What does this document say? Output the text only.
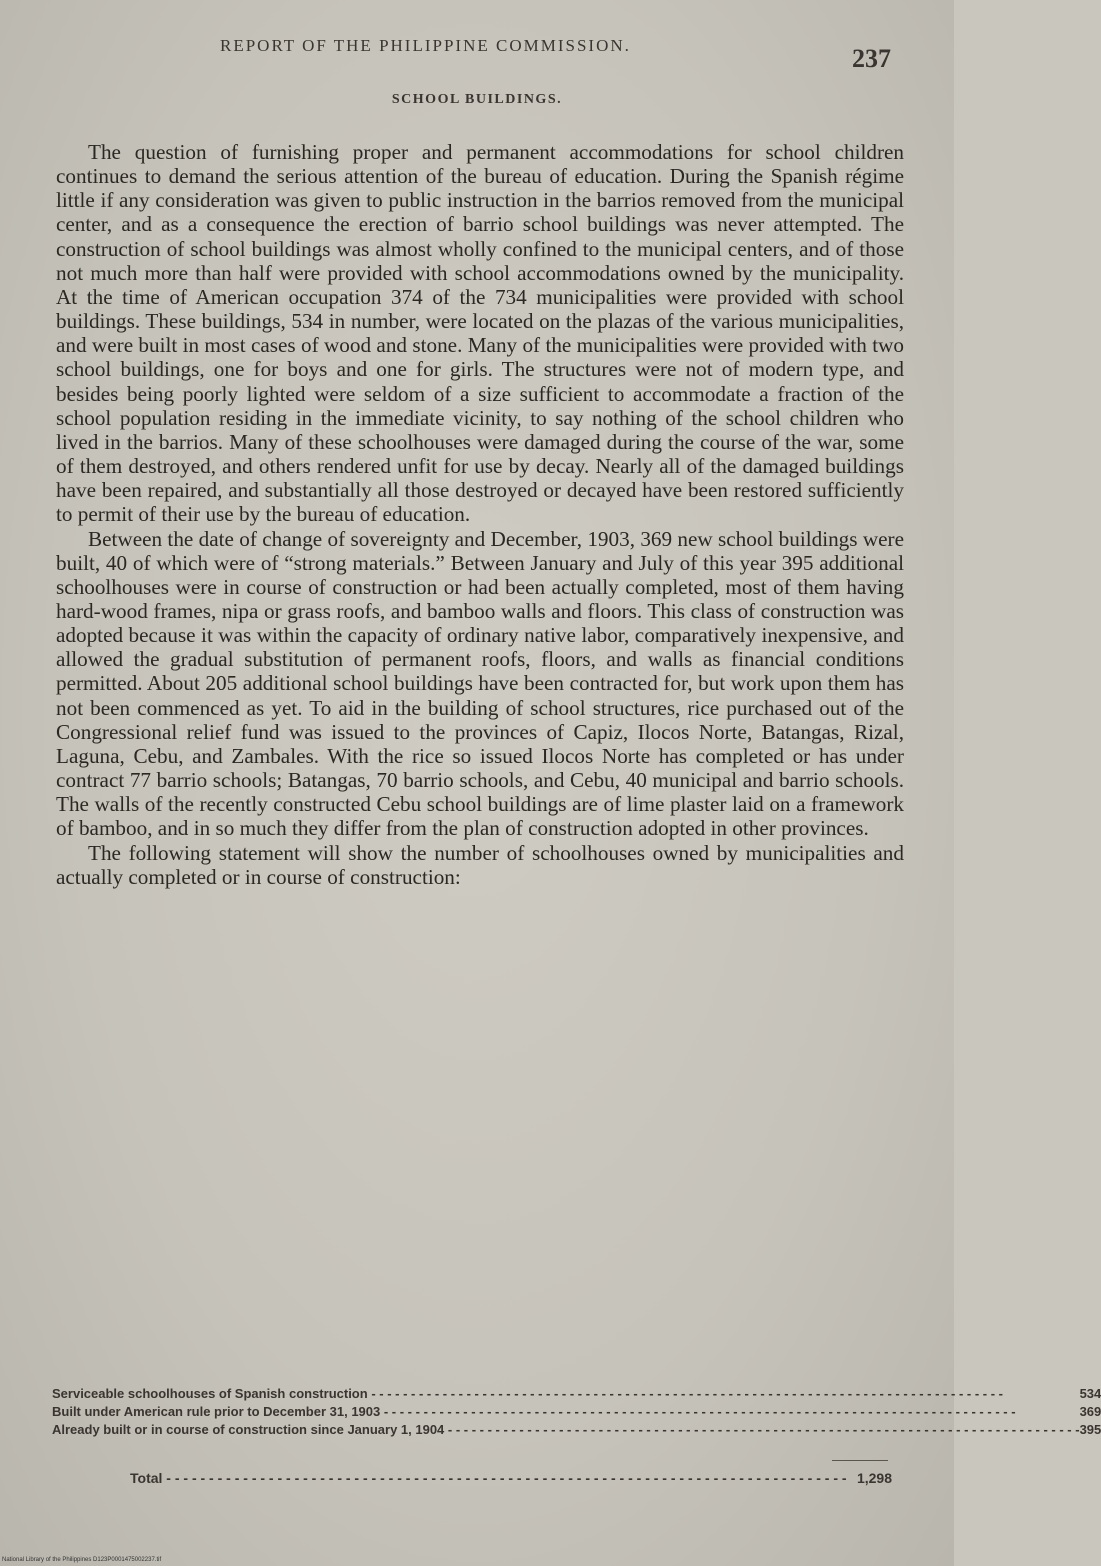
REPORT OF THE PHILIPPINE COMMISSION.	237
SCHOOL BUILDINGS.

The question of furnishing proper and permanent accommodations for school children continues to demand the serious attention of the bureau of education. During the Spanish régime little if any consideration was given to public instruction in the barrios removed from the municipal center, and as a consequence the erection of barrio school buildings was never attempted. The construction of school buildings was almost wholly confined to the municipal centers, and of those not much more than half were provided with school accommodations owned by the municipality. At the time of American occupation 374 of the 734 municipalities were provided with school buildings. These buildings, 534 in number, were located on the plazas of the various municipalities, and were built in most cases of wood and stone. Many of the municipalities were provided with two school buildings, one for boys and one for girls. The structures were not of modern type, and besides being poorly lighted were seldom of a size sufficient to accommodate a fraction of the school population residing in the immediate vicinity, to say nothing of the school children who lived in the barrios. Many of these schoolhouses were damaged during the course of the war, some of them destroyed, and others rendered unfit for use by decay. Nearly all of the damaged buildings have been repaired, and substantially all those destroyed or decayed have been restored sufficiently to permit of their use by the bureau of education.

Between the date of change of sovereignty and December, 1903, 369 new school buildings were built, 40 of which were of “strong materials.” Between January and July of this year 395 additional schoolhouses were in course of construction or had been actually completed, most of them having hard-wood frames, nipa or grass roofs, and bamboo walls and floors. This class of construction was adopted because it was within the capacity of ordinary native labor, comparatively inexpensive, and allowed the gradual substitution of permanent roofs, floors, and walls as financial conditions permitted. About 205 additional school buildings have been contracted for, but work upon them has not been commenced as yet. To aid in the building of school structures, rice purchased out of the Congressional relief fund was issued to the provinces of Capiz, Ilocos Norte, Batangas, Rizal, Laguna, Cebu, and Zambales. With the rice so issued Ilocos Norte has completed or has under contract 77 barrio schools; Batangas, 70 barrio schools, and Cebu, 40 municipal and barrio schools. The walls of the recently constructed Cebu school buildings are of lime plaster laid on a framework of bamboo, and in so much they differ from the plan of construction adopted in other provinces.

The following statement will show the number of schoolhouses owned by municipalities and actually completed or in course of construction:

Serviceable schoolhouses of Spanish construction - - - - - - - - - - - - - - - - - - - - - - - - - - - - - - - - - - - - - - - - - - - - - - - - - - - - - - - - - - - - - - - - - - - - - - - - - - - - - - - -	534
Built under American rule prior to December 31, 1903 - - - - - - - - - - - - - - - - - - - - - - - - - - - - - - - - - - - - - - - - - - - - - - - - - - - - - - - - - - - - - - - - - - - - - - - - - - - - - - - -	369
Already built or in course of construction since January 1, 1904 - - - - - - - - - - - - - - - - - - - - - - - - - - - - - - - - - - - - - - - - - - - - - - - - - - - - - - - - - - - - - - - - - - - - - - - - - - - - - - - -	395
Total - - - - - - - - - - - - - - - - - - - - - - - - - - - - - - - - - - - - - - - - - - - - - - - - - - - - - - - - - - - - - - - - - - - - - - - - - - - - - - - - 1,298
National Library of the Philippines D123P0001475002237.tif
